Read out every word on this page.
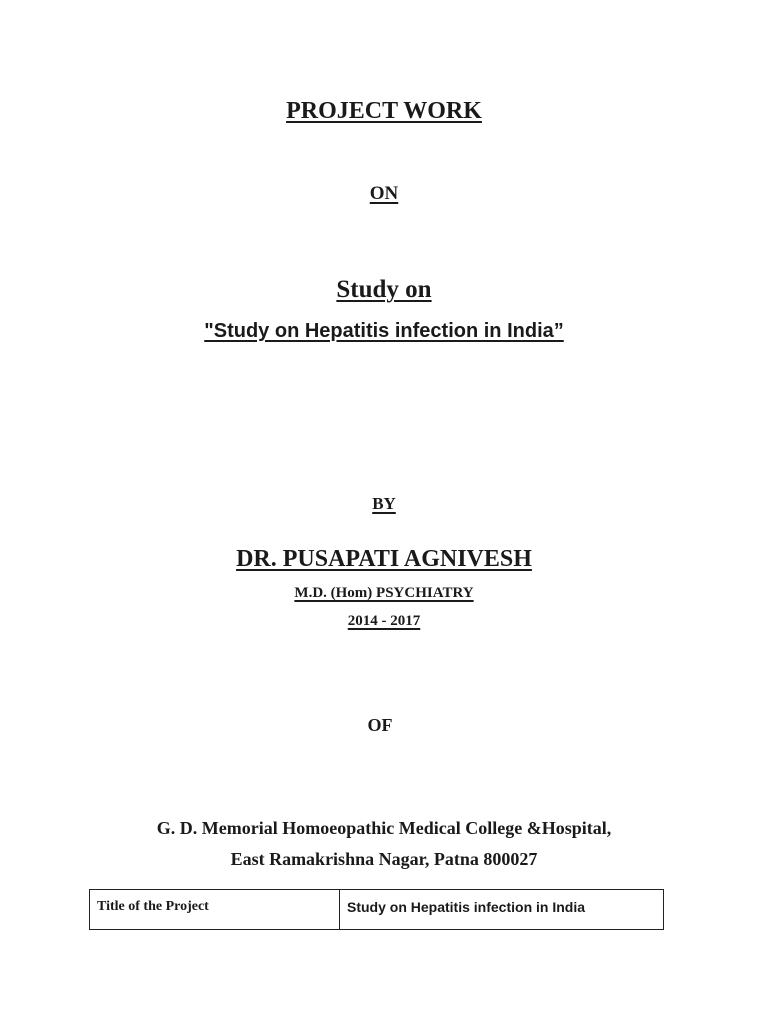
PROJECT WORK
ON
Study on
"Study on Hepatitis infection in India”
BY
DR. PUSAPATI AGNIVESH
M.D. (Hom) PSYCHIATRY
2014 - 2017
OF
G. D. Memorial Homoeopathic Medical College &Hospital,
East Ramakrishna Nagar, Patna 800027
Title of the Project	Study on Hepatitis infection in India
